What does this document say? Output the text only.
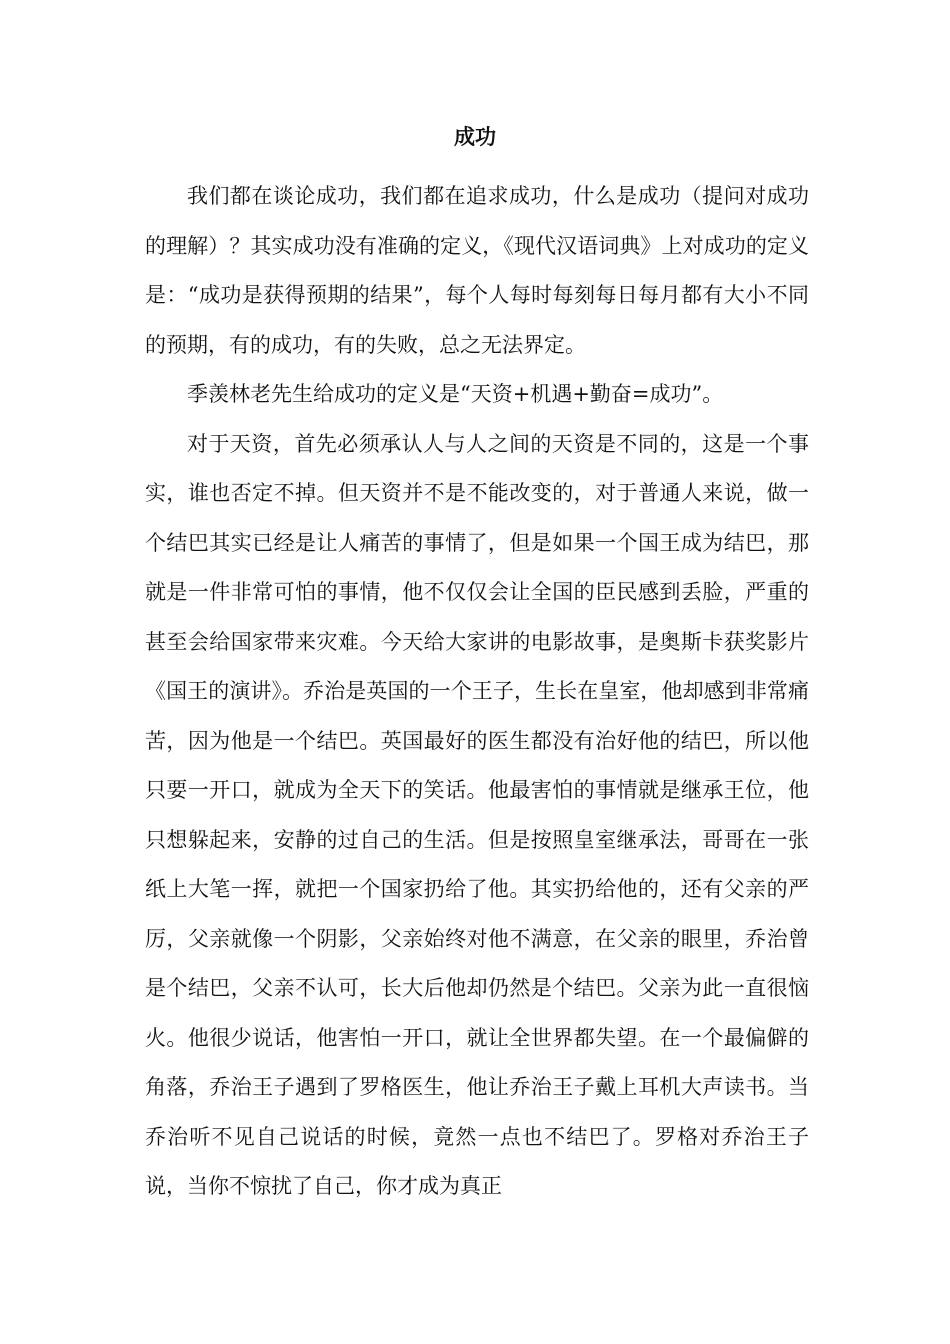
成功

我们都在谈论成功，我们都在追求成功，什么是成功（提问对成功的理解）？其实成功没有准确的定义，《现代汉语词典》上对成功的定义是：“成功是获得预期的结果”，每个人每时每刻每日每月都有大小不同的预期，有的成功，有的失败，总之无法界定。

季羡林老先生给成功的定义是“天资+机遇+勤奋=成功”。

对于天资，首先必须承认人与人之间的天资是不同的，这是一个事实，谁也否定不掉。但天资并不是不能改变的，对于普通人来说，做一个结巴其实已经是让人痛苦的事情了，但是如果一个国王成为结巴，那就是一件非常可怕的事情，他不仅仅会让全国的臣民感到丢脸，严重的甚至会给国家带来灾难。今天给大家讲的电影故事，是奥斯卡获奖影片《国王的演讲》。乔治是英国的一个王子，生长在皇室，他却感到非常痛苦，因为他是一个结巴。英国最好的医生都没有治好他的结巴，所以他只要一开口，就成为全天下的笑话。他最害怕的事情就是继承王位，他只想躲起来，安静的过自己的生活。但是按照皇室继承法，哥哥在一张纸上大笔一挥，就把一个国家扔给了他。其实扔给他的，还有父亲的严厉，父亲就像一个阴影，父亲始终对他不满意，在父亲的眼里，乔治曾是个结巴，父亲不认可，长大后他却仍然是个结巴。父亲为此一直很恼火。他很少说话，他害怕一开口，就让全世界都失望。在一个最偏僻的角落，乔治王子遇到了罗格医生，他让乔治王子戴上耳机大声读书。当乔治听不见自己说话的时候，竟然一点也不结巴了。罗格对乔治王子说，当你不惊扰了自己，你才成为真正
